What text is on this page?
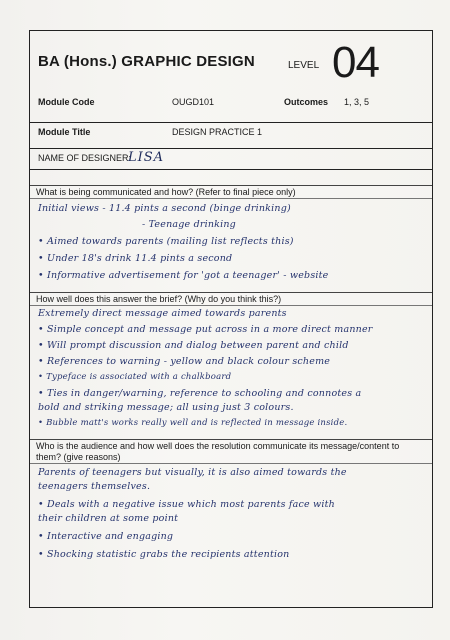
BA (Hons.) GRAPHIC DESIGN	LEVEL 04
Module Code	OUGD101	Outcomes 1, 3, 5
Module Title	DESIGN PRACTICE 1
NAME OF DESIGNER:
LISA
What is being communicated and how? (Refer to final piece only)
Initial views - 11.4 pints a second (binge drinking)
- Teenage drinking
• Aimed towards parents (mailing list reflects this)
• Under 18's drink 11.4 pints a second
• Informative advertisement for 'got a teenager' - website
How well does this answer the brief? (Why do you think this?)
Extremely direct message aimed towards parents
• Simple concept and message put across in a more direct manner
• Will prompt discussion and dialog between parent and child
• References to warning - yellow and black colour scheme
• Typeface is associated with a chalkboard
• Ties in danger/warning, reference to schooling and connotes a
bold and striking message; all using just 3 colours.
• Bubble matt's works really well and is reflected in message inside.
Who is the audience and how well does the resolution communicate its message/content to them? (give reasons)
Parents of teenagers but visually, it is also aimed towards the
teenagers themselves.
• Deals with a negative issue which most parents face with
their children at some point
• Interactive and engaging
• Shocking statistic grabs the recipients attention
